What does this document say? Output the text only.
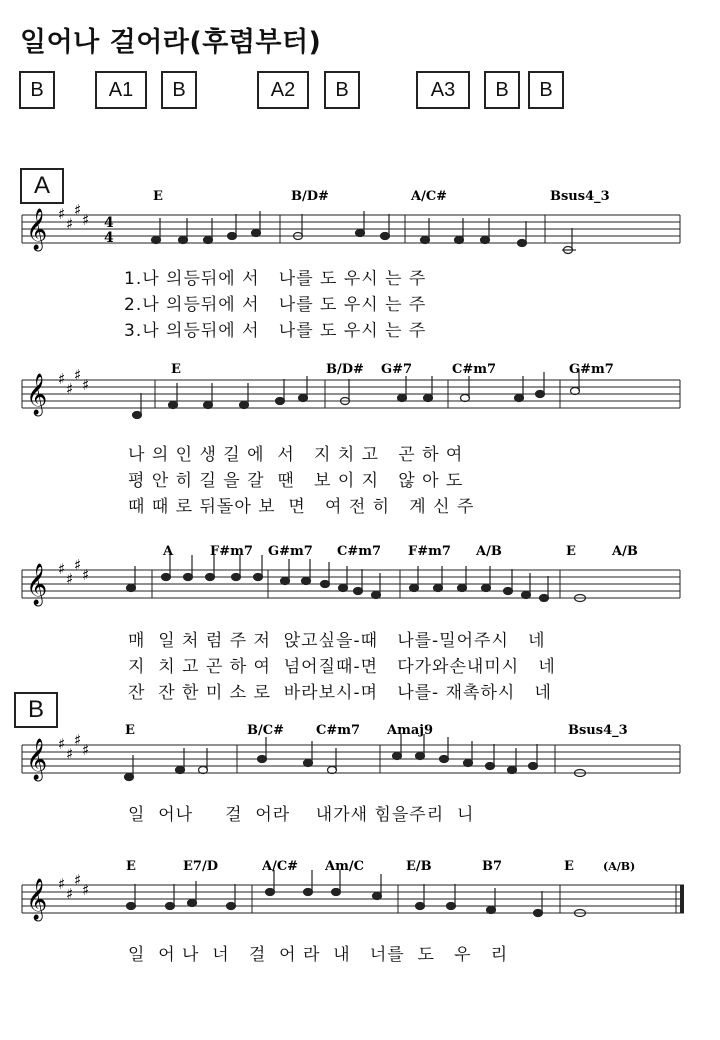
일어나 걸어라(후렴부터)
B	A1	B	A2	B	A3	B	B
A
B
𝄞 ♯
♯
♯
♯ 4
4
E	B/D#	A/C#	Bsus4_3
1.나 의등뒤에 서   나를 도 우시 는 주
2.나 의등뒤에 서   나를 도 우시 는 주
3.나 의등뒤에 서   나를 도 우시 는 주
𝄞 ♯
♯
♯
♯
E	B/D# G#7	C#m7	G#m7
나 의 인 생 길 에  서   지 치 고   곤 하 여
평 안 히 길 을 갈  땐   보 이 지   않 아 도
때 때 로 뒤돌아 보  면   여 전 히   계 신 주
𝄞 ♯
♯
♯
♯
A	F#m7 G#m7 C#m7 F#m7 A/B	E	A/B
매  일 처 럼 주 저  앉고싶을-때   나를-밀어주시   네
지  치 고 곤 하 여  넘어질때-면   다가와손내미시   네
잔  잔 한 미 소 로  바라보시-며   나를- 재촉하시   네
𝄞 ♯
♯
♯
♯
E	B/C# C#m7 Amaj9	Bsus4_3
일  어나     걸  어라    내가새 힘을주리  니
𝄞 ♯
♯
♯
♯
E	E7/D	A/C# Am/C	E/B	B7	E	(A/B)
일  어 나  너   걸  어 라  내   너를  도   우   리
